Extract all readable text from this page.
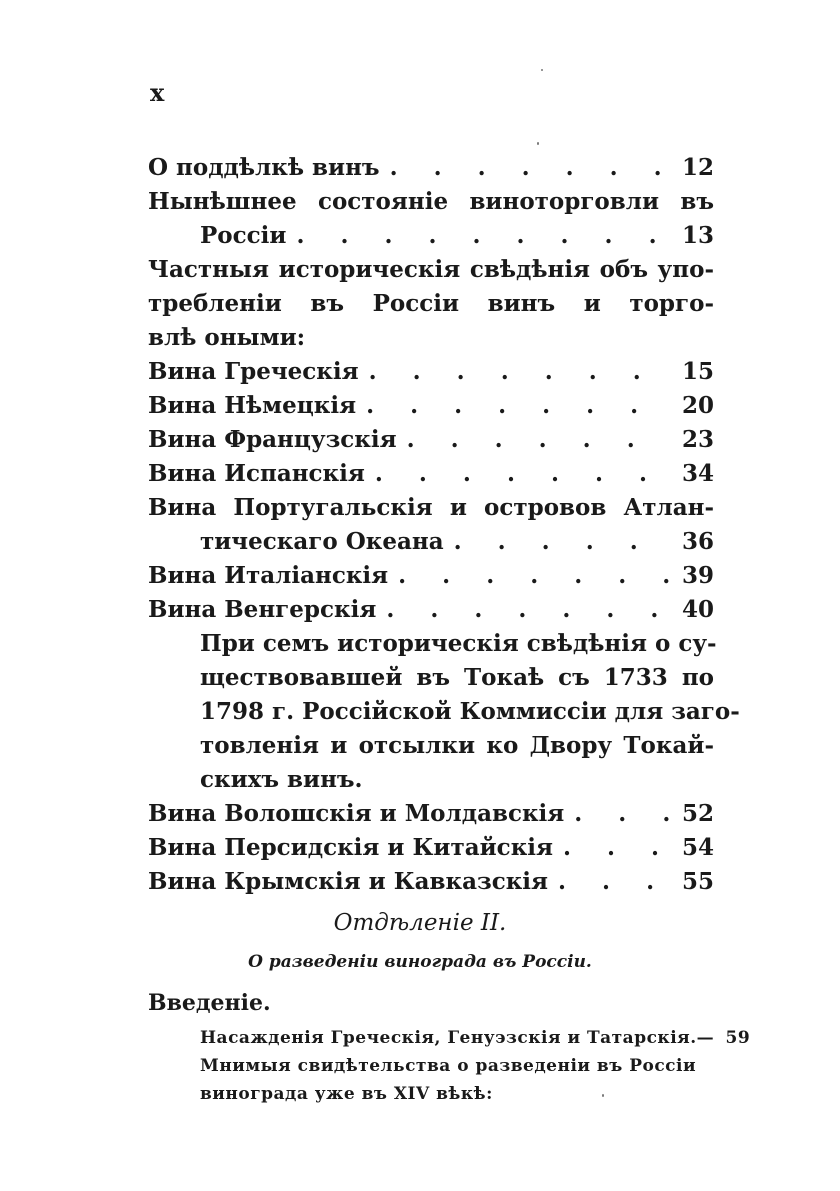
x
О поддѣлкѣ винъ . . .	12
Нынѣшнее состояніе виноторговли въ
Россіи . . .	13
Частныя историческія свѣдѣнія объ упо-
требленіи въ Россіи винъ и торго-
влѣ оными:
Вина Греческія . . .	15
Вина Нѣмецкія . . .	20
Вина Французскія . . .	23
Вина Испанскія . . .	34
Вина Португальскія и островов Атлан-
тическаго Океана . . .	36
Вина Италіанскія . . .	39
Вина Венгерскія . . .	40
При семъ историческія свѣдѣнія о су-
ществовавшей въ Токаѣ съ 1733 по
1798 г. Россійской Коммиссіи для заго-
товленія и отсылки ко Двору Токай-
скихъ винъ.
Вина Волошскія и Молдавскія . . .	52
Вина Персидскія и Китайскія . . .	54
Вина Крымскія и Кавказскія . . .	55
Отдѣленіе II.
О разведеніи винограда въ Россіи.
Введеніе.
Насажденія Греческія, Генуэзскія и Татарскія. — 59
Мнимыя свидѣтельства о разведеніи въ Россіи
винограда уже въ XIV вѣкѣ:
